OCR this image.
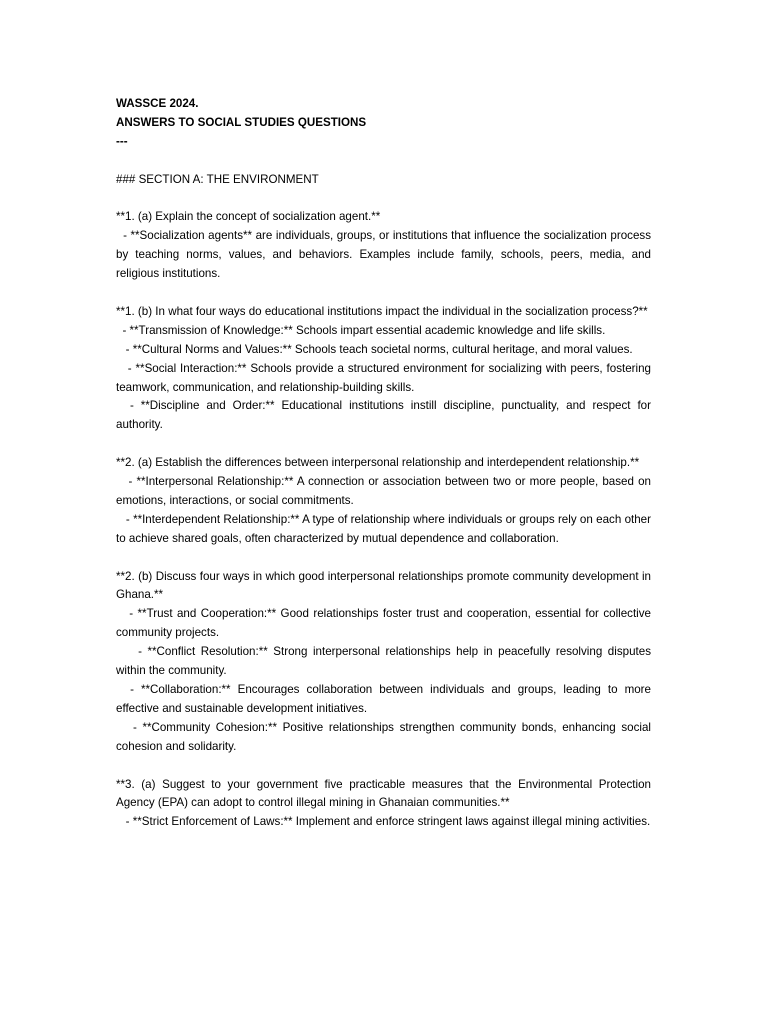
WASSCE 2024.

ANSWERS TO SOCIAL STUDIES QUESTIONS

---

### SECTION A: THE ENVIRONMENT

**1. (a) Explain the concept of socialization agent.**

- **Socialization agents** are individuals, groups, or institutions that influence the socialization process by teaching norms, values, and behaviors. Examples include family, schools, peers, media, and religious institutions.

**1. (b) In what four ways do educational institutions impact the individual in the socialization process?**

- **Transmission of Knowledge:** Schools impart essential academic knowledge and life skills.

- **Cultural Norms and Values:** Schools teach societal norms, cultural heritage, and moral values.

- **Social Interaction:** Schools provide a structured environment for socializing with peers, fostering teamwork, communication, and relationship-building skills.

- **Discipline and Order:** Educational institutions instill discipline, punctuality, and respect for authority.

**2. (a) Establish the differences between interpersonal relationship and interdependent relationship.**

- **Interpersonal Relationship:** A connection or association between two or more people, based on emotions, interactions, or social commitments.

- **Interdependent Relationship:** A type of relationship where individuals or groups rely on each other to achieve shared goals, often characterized by mutual dependence and collaboration.

**2. (b) Discuss four ways in which good interpersonal relationships promote community development in Ghana.**

- **Trust and Cooperation:** Good relationships foster trust and cooperation, essential for collective community projects.

- **Conflict Resolution:** Strong interpersonal relationships help in peacefully resolving disputes within the community.

- **Collaboration:** Encourages collaboration between individuals and groups, leading to more effective and sustainable development initiatives.

- **Community Cohesion:** Positive relationships strengthen community bonds, enhancing social cohesion and solidarity.

**3. (a) Suggest to your government five practicable measures that the Environmental Protection Agency (EPA) can adopt to control illegal mining in Ghanaian communities.**

- **Strict Enforcement of Laws:** Implement and enforce stringent laws against illegal mining activities.
